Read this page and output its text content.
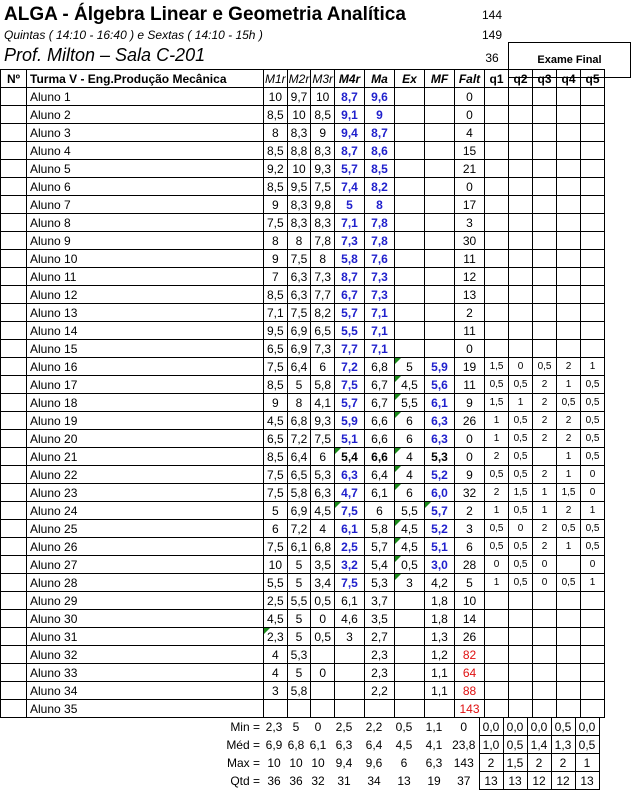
ALGA - Álgebra Linear e Geometria Analítica
Quintas ( 14:10 - 16:40 ) e Sextas ( 14:10 - 15h )
Prof. Milton – Sala C-201
144
149
36	Exame Final
Nº	Turma V - Eng.Produção Mecânica	M1r	M2r	M3r	M4r	Ma	Ex	MF	Falt	q1	q2	q3	q4	q5
	Aluno 1	10	9,7	10	8,7	9,6			0					
	Aluno 2	8,5	10	8,5	9,1	9			0					
	Aluno 3	8	8,3	9	9,4	8,7			4					
	Aluno 4	8,5	8,8	8,3	8,7	8,6			15					
	Aluno 5	9,2	10	9,3	5,7	8,5			21					
	Aluno 6	8,5	9,5	7,5	7,4	8,2			0					
	Aluno 7	9	8,3	9,8	5	8			17					
	Aluno 8	7,5	8,3	8,3	7,1	7,8			3					
	Aluno 9	8	8	7,8	7,3	7,8			30					
	Aluno 10	9	7,5	8	5,8	7,6			11					
	Aluno 11	7	6,3	7,3	8,7	7,3			12					
	Aluno 12	8,5	6,3	7,7	6,7	7,3			13					
	Aluno 13	7,1	7,5	8,2	5,7	7,1			2					
	Aluno 14	9,5	6,9	6,5	5,5	7,1			11					
	Aluno 15	6,5	6,9	7,3	7,7	7,1			0					
	Aluno 16	7,5	6,4	6	7,2	6,8	5	5,9	19	1,5	0	0,5	2	1
	Aluno 17	8,5	5	5,8	7,5	6,7	4,5	5,6	11	0,5	0,5	2	1	0,5
	Aluno 18	9	8	4,1	5,7	6,7	5,5	6,1	9	1,5	1	2	0,5	0,5
	Aluno 19	4,5	6,8	9,3	5,9	6,6	6	6,3	26	1	0,5	2	2	0,5
	Aluno 20	6,5	7,2	7,5	5,1	6,6	6	6,3	0	1	0,5	2	2	0,5
	Aluno 21	8,5	6,4	6	5,4	6,6	4	5,3	0	2	0,5		1	0,5
	Aluno 22	7,5	6,5	5,3	6,3	6,4	4	5,2	9	0,5	0,5	2	1	0
	Aluno 23	7,5	5,8	6,3	4,7	6,1	6	6,0	32	2	1,5	1	1,5	0
	Aluno 24	5	6,9	4,5	7,5	6	5,5	5,7	2	1	0,5	1	2	1
	Aluno 25	6	7,2	4	6,1	5,8	4,5	5,2	3	0,5	0	2	0,5	0,5
	Aluno 26	7,5	6,1	6,8	2,5	5,7	4,5	5,1	6	0,5	0,5	2	1	0,5
	Aluno 27	10	5	3,5	3,2	5,4	0,5	3,0	28	0	0,5	0		0
	Aluno 28	5,5	5	3,4	7,5	5,3	3	4,2	5	1	0,5	0	0,5	1
	Aluno 29	2,5	5,5	0,5	6,1	3,7		1,8	10					
	Aluno 30	4,5	5	0	4,6	3,5		1,8	14					
	Aluno 31	2,3	5	0,5	3	2,7		1,3	26					
	Aluno 32	4	5,3			2,3		1,2	82					
	Aluno 33	4	5	0		2,3		1,1	64					
	Aluno 34	3	5,8			2,2		1,1	88					
	Aluno 35								143					
Min =	2,3	5	0	2,5	2,2	0,5	1,1	0	0,0	0,0	0,0	0,5	0,0
Méd =	6,9	6,8	6,1	6,3	6,4	4,5	4,1	23,8	1,0	0,5	1,4	1,3	0,5
Max =	10	10	10	9,4	9,6	6	6,3	143	2	1,5	2	2	1
Qtd =	36	36	32	31	34	13	19	37	13	13	12	12	13
